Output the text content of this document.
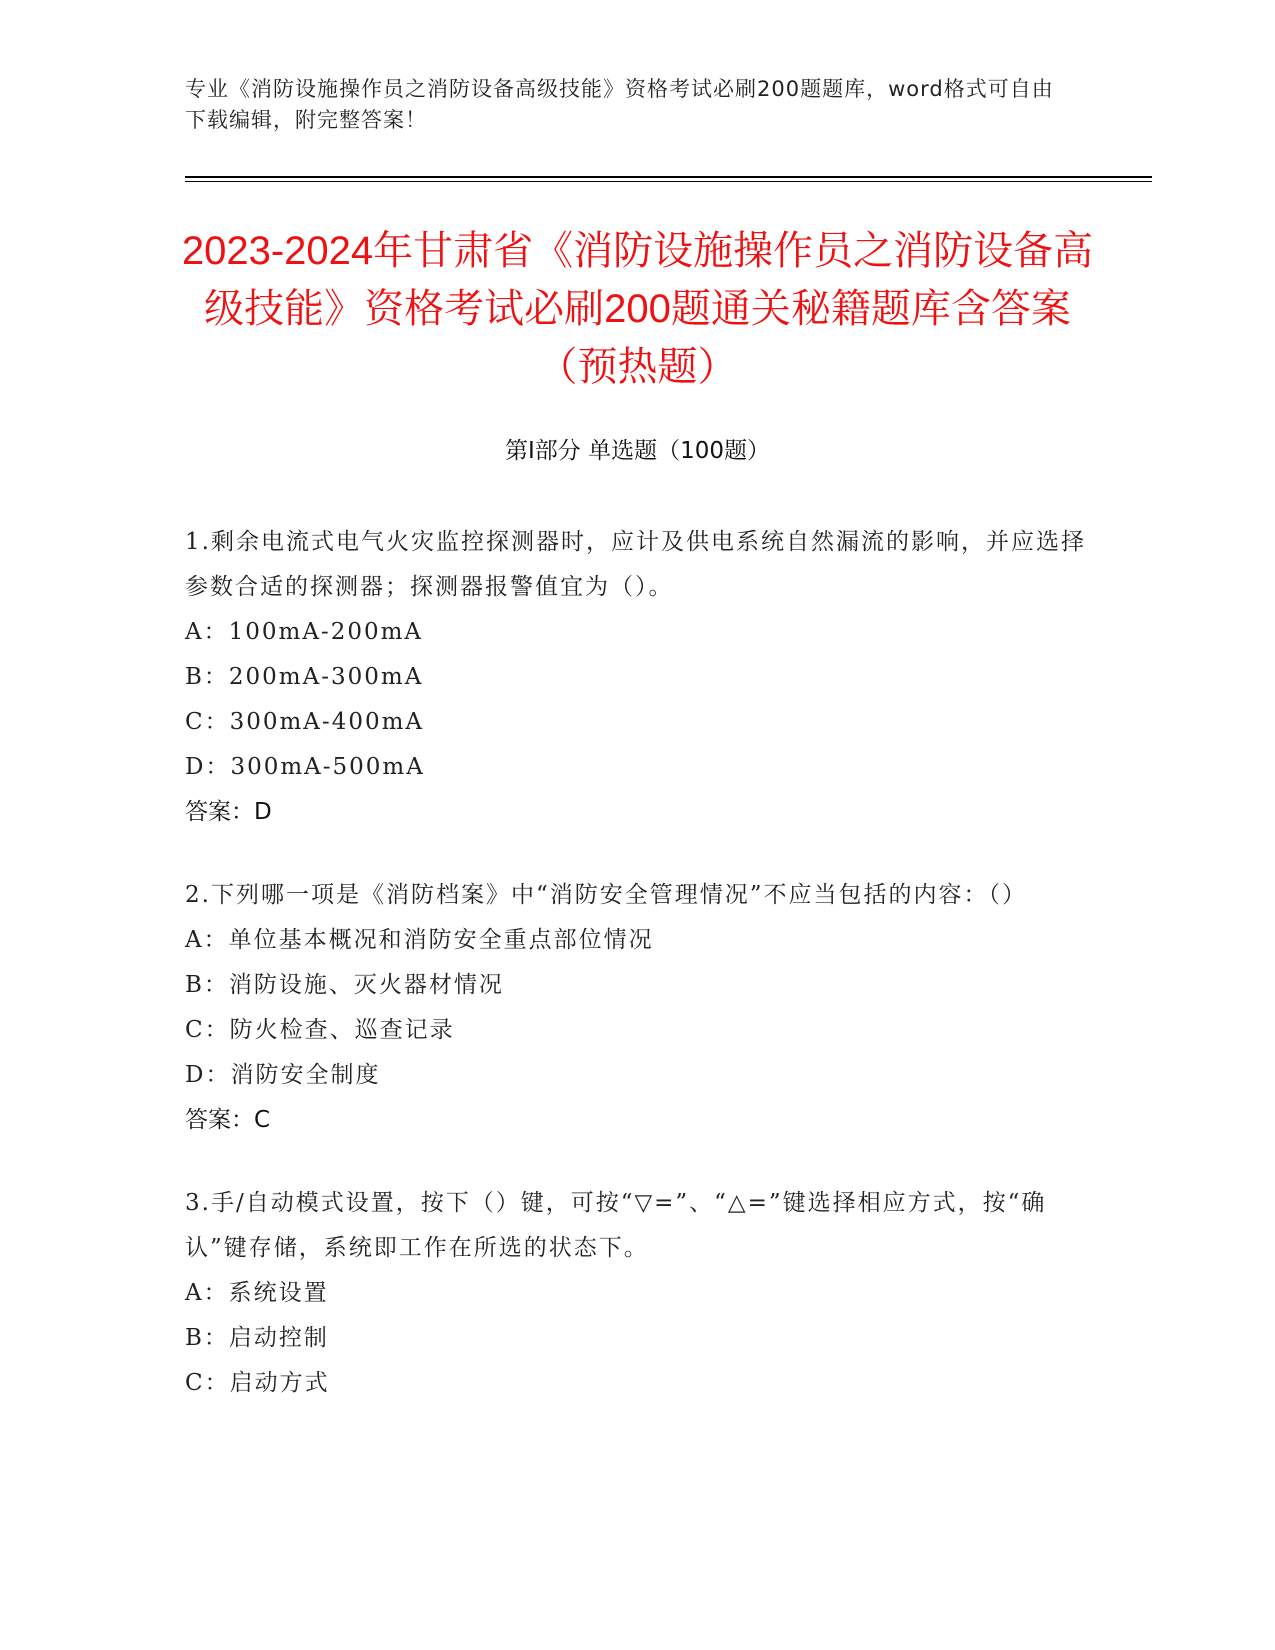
专业《消防设施操作员之消防设备高级技能》资格考试必刷200题题库，word格式可自由下载编辑，附完整答案！
2023-2024年甘肃省《消防设施操作员之消防设备高级技能》资格考试必刷200题通关秘籍题库含答案（预热题）
第Ⅰ部分 单选题（100题）
1.剩余电流式电气火灾监控探测器时，应计及供电系统自然漏流的影响，并应选择参数合适的探测器；探测器报警值宜为（）。
A：100mA-200mA
B：200mA-300mA
C：300mA-400mA
D：300mA-500mA
答案：D
2.下列哪一项是《消防档案》中“消防安全管理情况”不应当包括的内容：（）
A：单位基本概况和消防安全重点部位情况
B：消防设施、灭火器材情况
C：防火检查、巡查记录
D：消防安全制度
答案：C
3.手/自动模式设置，按下（）键，可按“▽=”、“△=”键选择相应方式，按“确认”键存储，系统即工作在所选的状态下。
A：系统设置
B：启动控制
C：启动方式
